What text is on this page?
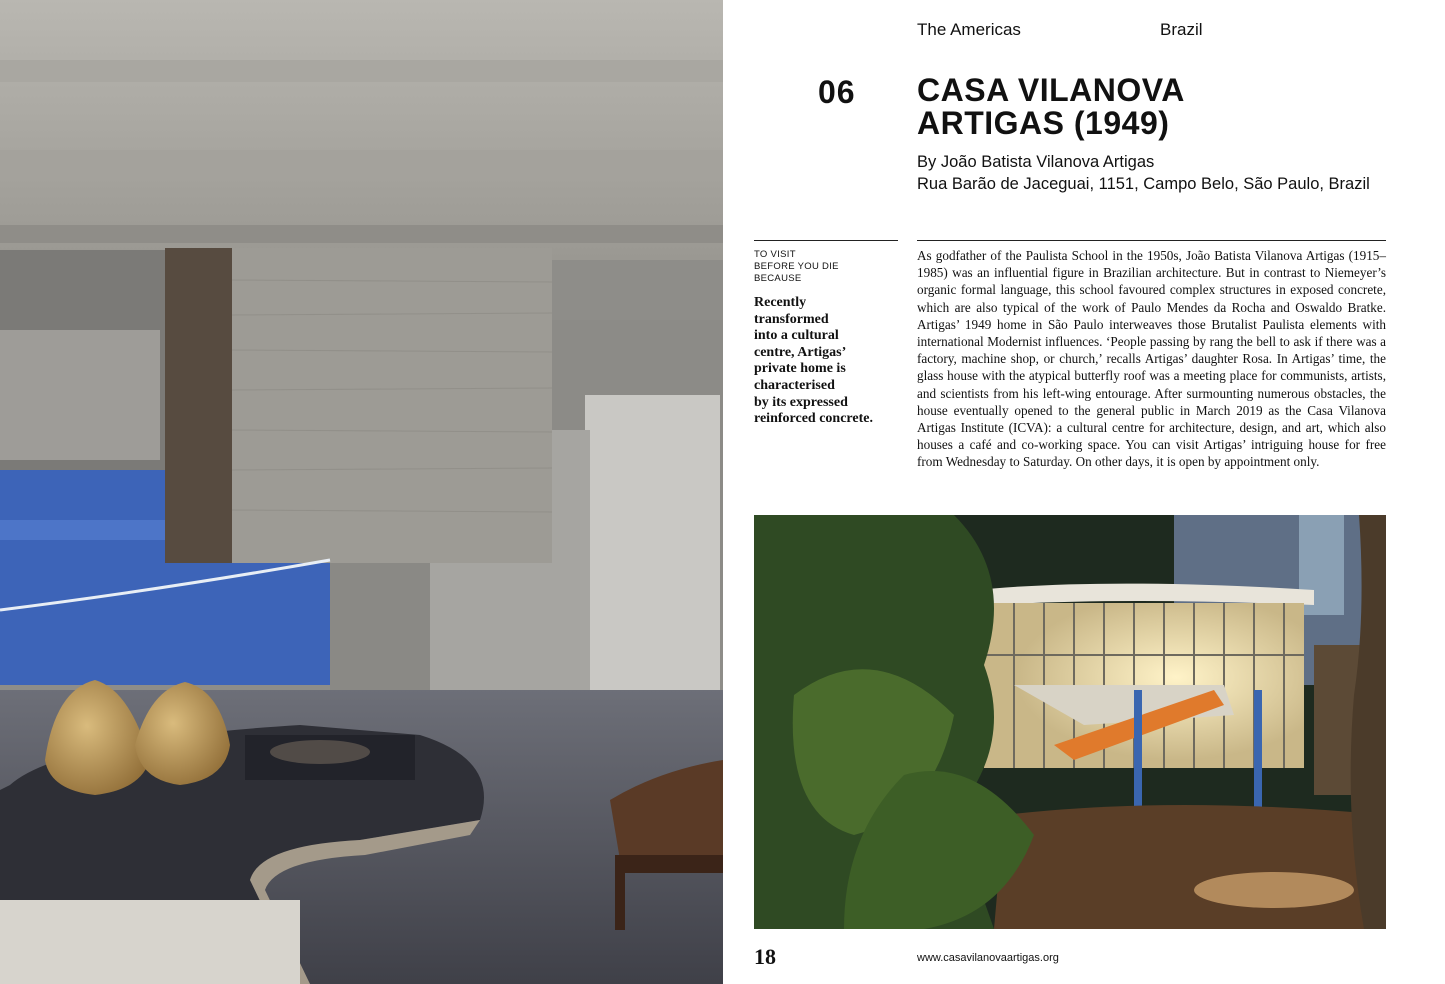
The Americas	Brazil
06 CASA VILANOVA
ARTIGAS (1949)
By João Batista Vilanova Artigas
Rua Barão de Jaceguai, 1151, Campo Belo, São Paulo, Brazil
TO VISIT
BEFORE YOU DIE
BECAUSE
Recently
transformed
into a cultural
centre, Artigas’
private home is
characterised
by its expressed
reinforced concrete.

As godfather of the Paulista School in the 1950s, João Batista Vilanova Artigas (1915–1985) was an influential figure in Brazilian architecture. But in contrast to Niemeyer’s organic formal language, this school favoured complex structures in exposed concrete, which are also typical of the work of Paulo Mendes da Rocha and Oswaldo Bratke. Artigas’ 1949 home in São Paulo interweaves those Brutalist Paulista elements with international Modernist influences. ‘People passing by rang the bell to ask if there was a factory, machine shop, or church,’ recalls Artigas’ daughter Rosa. In Artigas’ time, the glass house with the atypical butterfly roof was a meeting place for communists, artists, and scientists from his left-wing entourage. After surmounting numerous obstacles, the house eventually opened to the general public in March 2019 as the Casa Vilanova Artigas Institute (ICVA): a cultural centre for architecture, design, and art, which also houses a café and co-working space. You can visit Artigas’ intriguing house for free from Wednesday to Saturday. On other days, it is open by appointment only.

18	www.casavilanovaartigas.org
